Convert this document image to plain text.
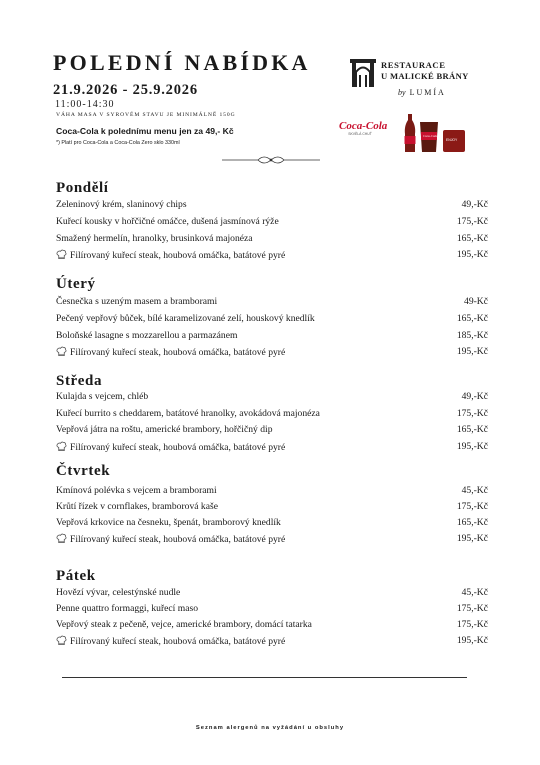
POLEDNÍ NABÍDKA
21.9.2026 - 25.9.2026
11:00-14:30
VÁHA MASA V SYROVÉM STAVU JE MINIMÁLNĚ 150G
Coca-Cola k polednímu menu jen za 49,- Kč
*) Platí pro Coca-Cola a Coca-Cola Zero sklo 330ml
RESTAURACE
U MALICKÉ BRÁNY
by LUMÍA
Coca-Cola
SKVĚLÁ CHUŤ	Coca-Cola
ENJOY
Pondělí
Zeleninový krém, slaninový chips	49,-Kč
Kuřecí kousky v hořčičné omáčce, dušená jasmínová rýže	175,-Kč
Smažený hermelín, hranolky, brusinková majonéza	165,-Kč
Filírovaný kuřecí steak, houbová omáčka, batátové pyré	195,-Kč
Úterý
Česnečka s uzeným masem a bramborami	49-Kč
Pečený vepřový bůček, bílé karamelizované zelí, houskový knedlík	165,-Kč
Boloňské lasagne s mozzarellou a parmazánem	185,-Kč
Filírovaný kuřecí steak, houbová omáčka, batátové pyré	195,-Kč
Středa
Kulajda s vejcem, chléb	49,-Kč
Kuřecí burrito s cheddarem, batátové hranolky, avokádová majonéza	175,-Kč
Vepřová játra na roštu, americké brambory, hořčičný dip	165,-Kč
Filírovaný kuřecí steak, houbová omáčka, batátové pyré	195,-Kč
Čtvrtek
Kmínová polévka s vejcem a bramborami	45,-Kč
Krůtí řízek v cornflakes, bramborová kaše	175,-Kč
Vepřová krkovice na česneku, špenát, bramborový knedlík	165,-Kč
Filírovaný kuřecí steak, houbová omáčka, batátové pyré	195,-Kč
Pátek
Hovězí vývar, celestýnské nudle	45,-Kč
Penne quattro formaggi, kuřecí maso	175,-Kč
Vepřový steak z pečeně, vejce, americké brambory, domácí tatarka	175,-Kč
Filírovaný kuřecí steak, houbová omáčka, batátové pyré	195,-Kč
Seznam alergenů na vyžádání u obsluhy
